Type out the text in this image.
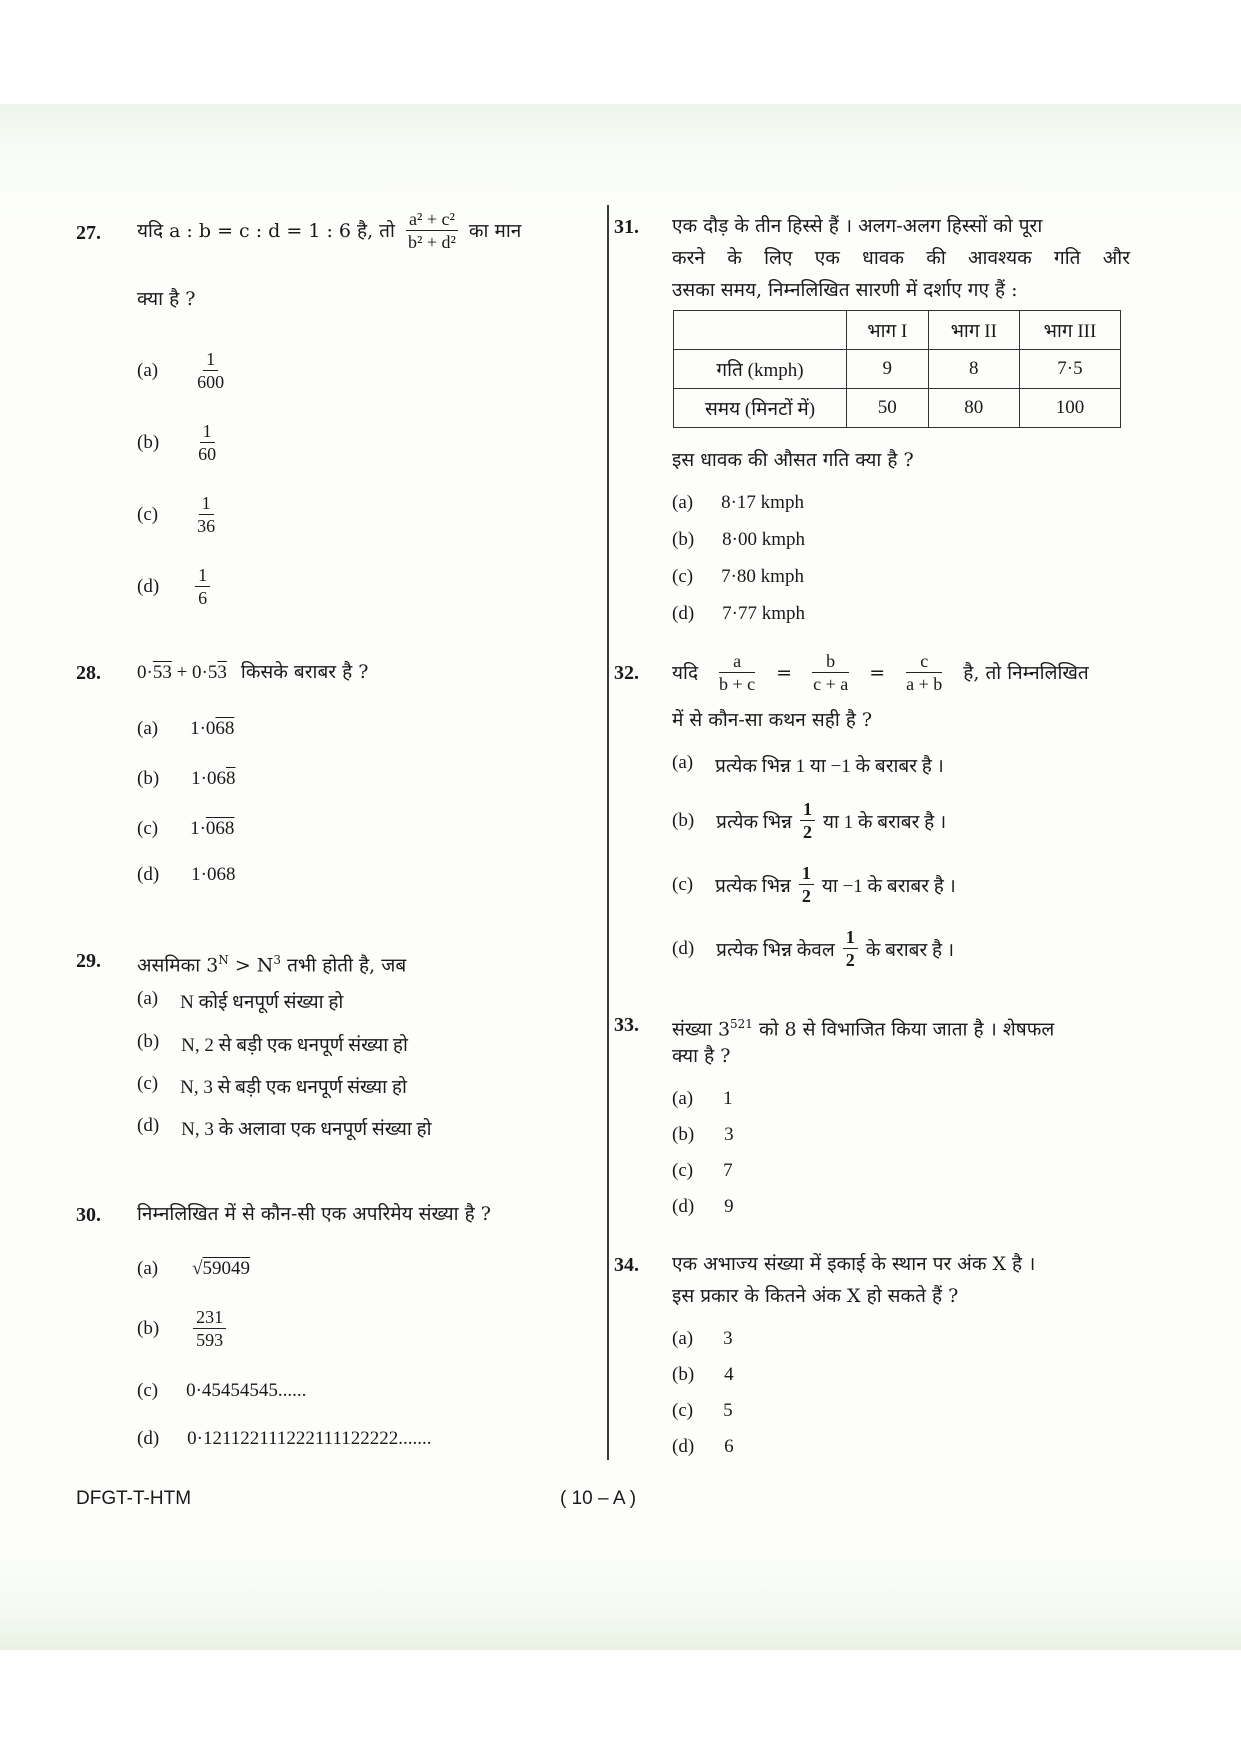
27. यदि a : b = c : d = 1 : 6 है, तो $\frac{\text{a² + c²}}{\text{b² + d²}}$ का मान
क्या है ?
$(a) \frac{1}{600}$
$(b) \frac{1}{60}$
$(c) \frac{1}{36}$
$(d) \frac{1}{6}$
28. 0·53 + 0·53 किसके बराबर है ?
(a) 1·068
(b) 1·068
(c) 1·068
(d) 1·068
29. असमिका $3^N > N^3$ तभी होती है, जब
(a) N कोई धनपूर्ण संख्या हो
(b) N, 2 से बड़ी एक धनपूर्ण संख्या हो
(c) N, 3 से बड़ी एक धनपूर्ण संख्या हो
(d) N, 3 के अलावा एक धनपूर्ण संख्या हो
30. निम्नलिखित में से कौन-सी एक अपरिमेय संख्या है ?
(a) √59049
$(b) \frac{231}{593}$
(c) 0·45454545......
(d) 0·121122111222111122222.......
31. एक दौड़ के तीन हिस्से हैं । अलग-अलग हिस्सों को पूरा
करने के लिए एक धावक की आवश्यक गति और
उसका समय, निम्नलिखित सारणी में दर्शाए गए हैं :
	भाग I	भाग II	भाग III
गति (kmph)	9	8	7·5
समय (मिनटों में)	50	80	100
इस धावक की औसत गति क्या है ?
(a) 8·17 kmph
(b) 8·00 kmph
(c) 7·80 kmph
(d) 7·77 kmph
32. यदि $\frac{a}{b + c} = \frac{b}{c + a} = \frac{c}{a + b}$ है, तो निम्नलिखित
में से कौन-सा कथन सही है ?
(a) प्रत्येक भिन्न 1 या −1 के बराबर है ।
(b) प्रत्येक भिन्न $\frac{1}{2}$ या 1 के बराबर है ।
(c) प्रत्येक भिन्न $\frac{1}{2}$ या −1 के बराबर है ।
(d) प्रत्येक भिन्न केवल $\frac{1}{2}$ के बराबर है ।
33. संख्या $3^{521}$ को 8 से विभाजित किया जाता है । शेषफल
क्या है ?
(a) 1
(b) 3
(c) 7
(d) 9
34. एक अभाज्य संख्या में इकाई के स्थान पर अंक X है ।
इस प्रकार के कितने अंक X हो सकते हैं ?
(a) 3
(b) 4
(c) 5
(d) 6
DFGT-T-HTM	( 10 – A )
